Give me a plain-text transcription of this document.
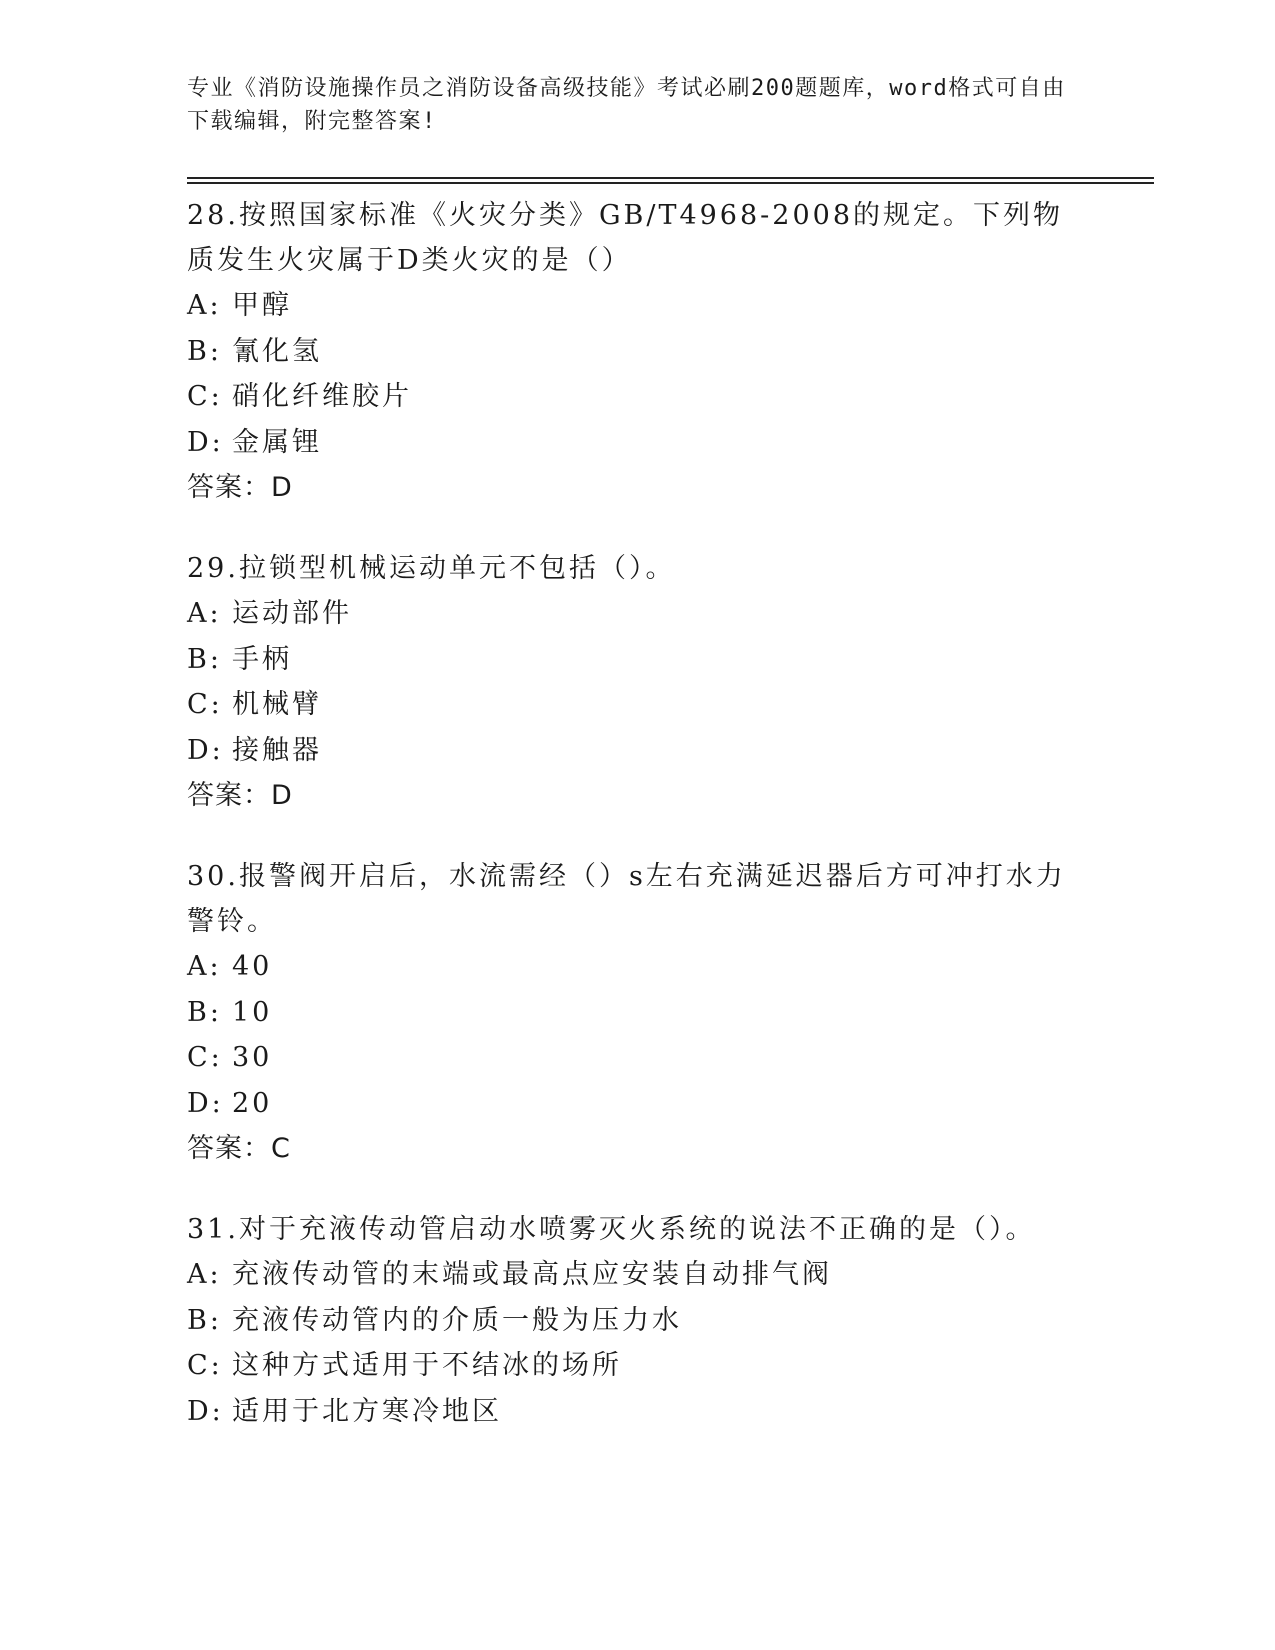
专业《消防设施操作员之消防设备高级技能》考试必刷200题题库，word格式可自由下载编辑，附完整答案!

28.按照国家标准《火灾分类》GB/T4968-2008的规定。下列物质发生火灾属于D类火灾的是（）

A: 甲醇

B: 氰化氢

C: 硝化纤维胶片

D: 金属锂

答案：D

29.拉锁型机械运动单元不包括（）。

A: 运动部件

B: 手柄

C: 机械臂

D: 接触器

答案：D

30.报警阀开启后，水流需经（）s左右充满延迟器后方可冲打水力警铃。

A: 40

B: 10

C: 30

D: 20

答案：C

31.对于充液传动管启动水喷雾灭火系统的说法不正确的是（）。

A: 充液传动管的末端或最高点应安装自动排气阀

B: 充液传动管内的介质一般为压力水

C: 这种方式适用于不结冰的场所

D: 适用于北方寒冷地区
